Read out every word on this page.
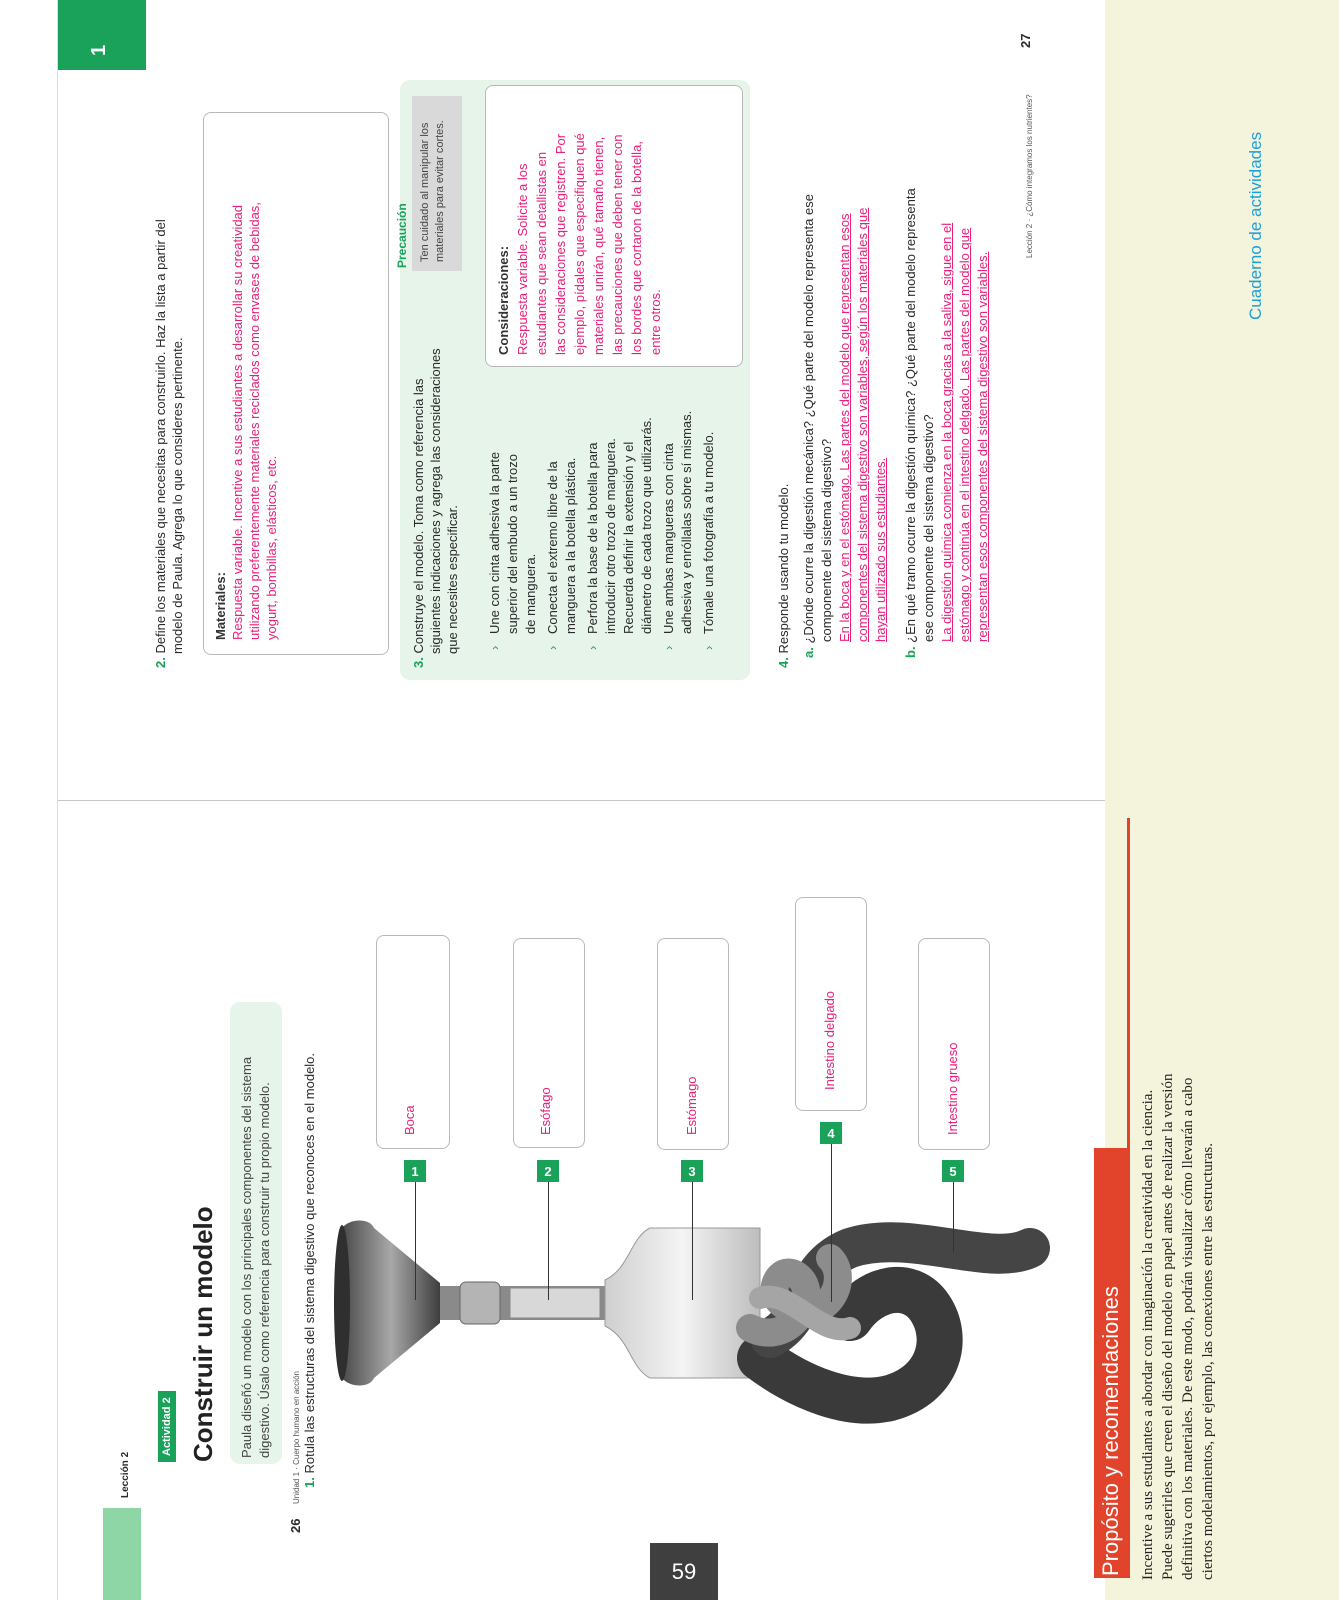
1
59
Lección 2
Actividad 2 Construir un modelo Paula diseñó un modelo con los principales componentes del sistema digestivo. Úsalo como referencia para construir tu propio modelo.
1. Rotula las estructuras del sistema digestivo que reconoces en el modelo.	1
Boca
2
Esófago
3
Estómago	4
Intestino delgado
5
Intestino grueso
26
Unidad 1 · Cuerpo humano en acción
2. Define los materiales que necesitas para construirlo. Haz la lista a partir del modelo de Paula. Agrega lo que consideres pertinente. Materiales: Respuesta variable. Incentive a sus estudiantes a desarrollar su creatividad utilizando preferentemente materiales reciclados como envases de bebidas, yogurt, bombillas, elásticos, etc.
3. Construye el modelo. Toma como referencia las siguientes indicaciones y agrega las consideraciones que necesites especificar. ›
Une con cinta adhesiva la parte superior del embudo a un trozo de manguera.
›
Conecta el extremo libre de la manguera a la botella plástica.
›
Perfora la base de la botella para introducir otro trozo de manguera. Recuerda definir la extensión y el diámetro de cada trozo que utilizarás.
›
Une ambas mangueras con cinta adhesiva y enróllalas sobre sí mismas.
›
Tómale una fotografía a tu modelo.
Precaución Ten cuidado al manipular los materiales para evitar cortes.
Consideraciones: Respuesta variable. Solicite a los estudiantes que sean detallistas en las consideraciones que registren. Por ejemplo, pídales que especifiquen qué materiales unirán, qué tamaño tienen, las precauciones que deben tener con los bordes que cortaron de la botella, entre otros.
4. Responde usando tu modelo. a. ¿Dónde ocurre la digestión mecánica? ¿Qué parte del modelo representa ese componente del sistema digestivo? En la boca y en el estómago. Las partes del modelo que representan esos componentes del sistema digestivo son variables, según los materiales que hayan utilizado sus estudiantes.
b. ¿En qué tramo ocurre la digestión química? ¿Qué parte del modelo representa ese componente del sistema digestivo? La digestión química comienza en la boca gracias a la saliva, sigue en el estómago y continúa en el intestino delgado. Las partes del modelo que representan esos componentes del sistema digestivo son variables.
Lección 2 · ¿Cómo integramos los nutrientes?
27
Propósito y recomendaciones Incentive a sus estudiantes a abordar con imaginación la creatividad en la ciencia. Puede sugerirles que creen el diseño del modelo en papel antes de realizar la versión definitiva con los materiales. De este modo, podrán visualizar cómo llevarán a cabo ciertos modelamientos, por ejemplo, las conexiones entre las estructuras.
Cuaderno de actividades
